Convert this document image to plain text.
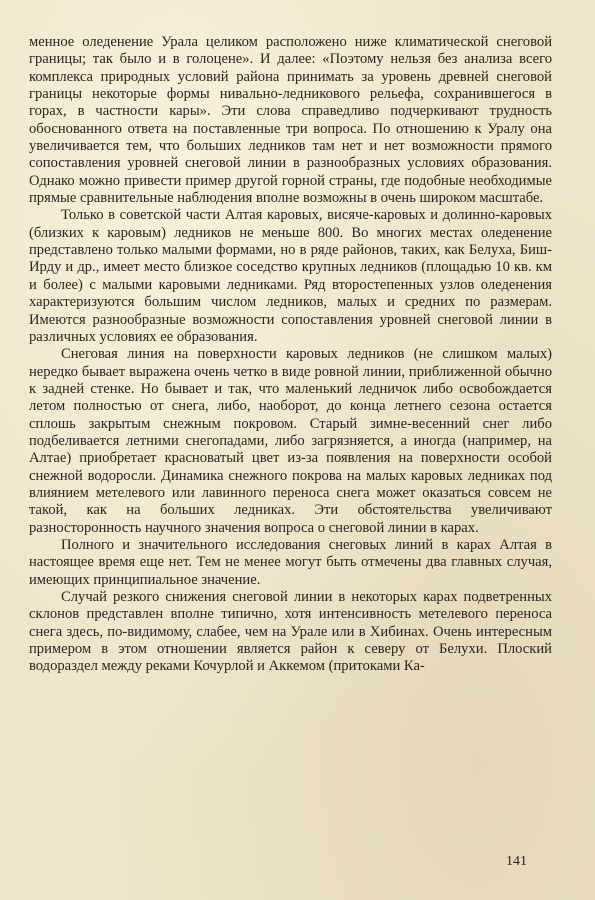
менное оледенение Урала целиком расположено ниже климатической снеговой границы; так было и в голоцене». И далее: «Поэтому нельзя без анализа всего комплекса природных условий района принимать за уровень древней снеговой границы некоторые формы нивально-ледникового рельефа, сохранившегося в горах, в частности кары». Эти слова справедливо подчеркивают трудность обоснованного ответа на поставленные три вопроса. По отношению к Уралу она увеличивается тем, что больших ледников там нет и нет возможности прямого сопоставления уровней снеговой линии в разнообразных условиях образования. Однако можно привести пример другой горной страны, где подобные необходимые прямые сравнительные наблюдения вполне возможны в очень широком масштабе.

Только в советской части Алтая каровых, висяче-каровых и долинно-каровых (близких к каровым) ледников не меньше 800. Во многих местах оледенение представлено только малыми формами, но в ряде районов, таких, как Белуха, Биш-Ирду и др., имеет место близкое соседство крупных ледников (площадью 10 кв. км и более) с малыми каровыми ледниками. Ряд второстепенных узлов оледенения характеризуются большим числом ледников, малых и средних по размерам. Имеются разнообразные возможности сопоставления уровней снеговой линии в различных условиях ее образования.

Снеговая линия на поверхности каровых ледников (не слишком малых) нередко бывает выражена очень четко в виде ровной линии, приближенной обычно к задней стенке. Но бывает и так, что маленький ледничок либо освобождается летом полностью от снега, либо, наоборот, до конца летнего сезона остается сплошь закрытым снежным покровом. Старый зимне-весенний снег либо подбеливается летними снегопадами, либо загрязняется, а иногда (например, на Алтае) приобретает красноватый цвет из-за появления на поверхности особой снежной водоросли. Динамика снежного покрова на малых каровых ледниках под влиянием метелевого или лавинного переноса снега может оказаться совсем не такой, как на больших ледниках. Эти обстоятельства увеличивают разносторонность научного значения вопроса о снеговой линии в карах.

Полного и значительного исследования снеговых линий в карах Алтая в настоящее время еще нет. Тем не менее могут быть отмечены два главных случая, имеющих принципиальное значение.

Случай резкого снижения снеговой линии в некоторых карах подветренных склонов представлен вполне типично, хотя интенсивность метелевого переноса снега здесь, по-видимому, слабее, чем на Урале или в Хибинах. Очень интересным примером в этом отношении является район к северу от Белухи. Плоский водораздел между реками Кочурлой и Аккемом (притоками Ка-

141
